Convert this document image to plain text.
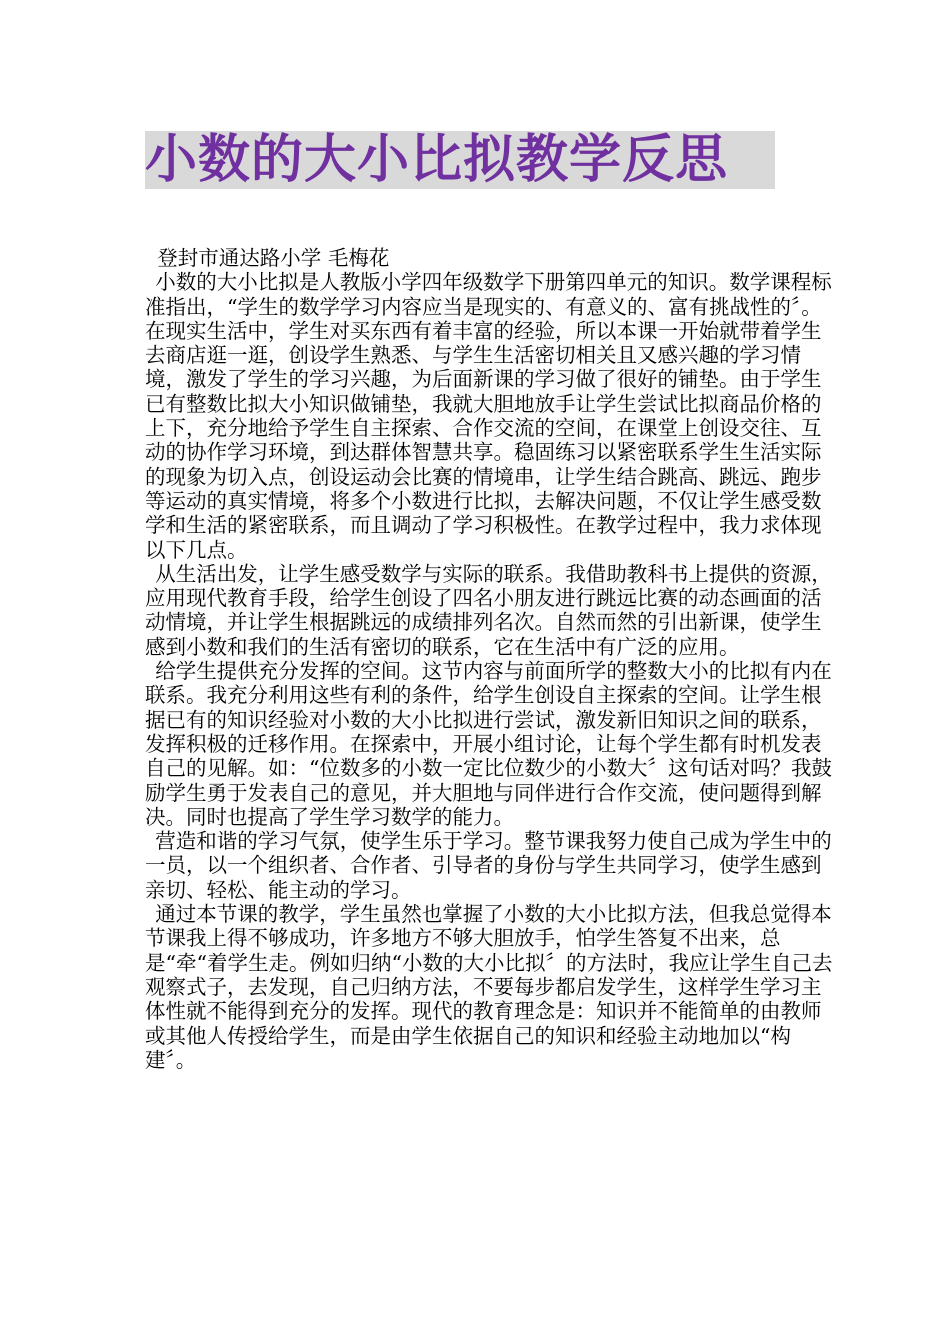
小数的大小比拟教学反思

登封市通达路小学 毛梅花

小数的大小比拟是人教版小学四年级数学下册第四单元的知识。数学课程标准指出，“学生的数学学习内容应当是现实的、有意义的、富有挑战性的〞。在现实生活中，学生对买东西有着丰富的经验，所以本课一开始就带着学生去商店逛一逛，创设学生熟悉、与学生生活密切相关且又感兴趣的学习情境，激发了学生的学习兴趣，为后面新课的学习做了很好的铺垫。由于学生已有整数比拟大小知识做铺垫，我就大胆地放手让学生尝试比拟商品价格的上下，充分地给予学生自主探索、合作交流的空间，在课堂上创设交往、互动的协作学习环境，到达群体智慧共享。稳固练习以紧密联系学生生活实际的现象为切入点，创设运动会比赛的情境串，让学生结合跳高、跳远、跑步等运动的真实情境，将多个小数进行比拟，去解决问题，不仅让学生感受数学和生活的紧密联系，而且调动了学习积极性。在教学过程中，我力求体现以下几点。

从生活出发，让学生感受数学与实际的联系。我借助教科书上提供的资源，应用现代教育手段，给学生创设了四名小朋友进行跳远比赛的动态画面的活动情境，并让学生根据跳远的成绩排列名次。自然而然的引出新课，使学生感到小数和我们的生活有密切的联系，它在生活中有广泛的应用。

给学生提供充分发挥的空间。这节内容与前面所学的整数大小的比拟有内在联系。我充分利用这些有利的条件，给学生创设自主探索的空间。让学生根据已有的知识经验对小数的大小比拟进行尝试，激发新旧知识之间的联系，发挥积极的迁移作用。在探索中，开展小组讨论，让每个学生都有时机发表自己的见解。如：“位数多的小数一定比位数少的小数大〞这句话对吗？我鼓励学生勇于发表自己的意见，并大胆地与同伴进行合作交流，使问题得到解决。同时也提高了学生学习数学的能力。

营造和谐的学习气氛，使学生乐于学习。整节课我努力使自己成为学生中的一员，以一个组织者、合作者、引导者的身份与学生共同学习，使学生感到亲切、轻松、能主动的学习。

通过本节课的教学，学生虽然也掌握了小数的大小比拟方法，但我总觉得本节课我上得不够成功，许多地方不够大胆放手，怕学生答复不出来，总是“牵“着学生走。例如归纳“小数的大小比拟〞的方法时，我应让学生自己去观察式子，去发现，自己归纳方法，不要每步都启发学生，这样学生学习主体性就不能得到充分的发挥。现代的教育理念是：知识并不能简单的由教师或其他人传授给学生，而是由学生依据自己的知识和经验主动地加以“构建〞。
